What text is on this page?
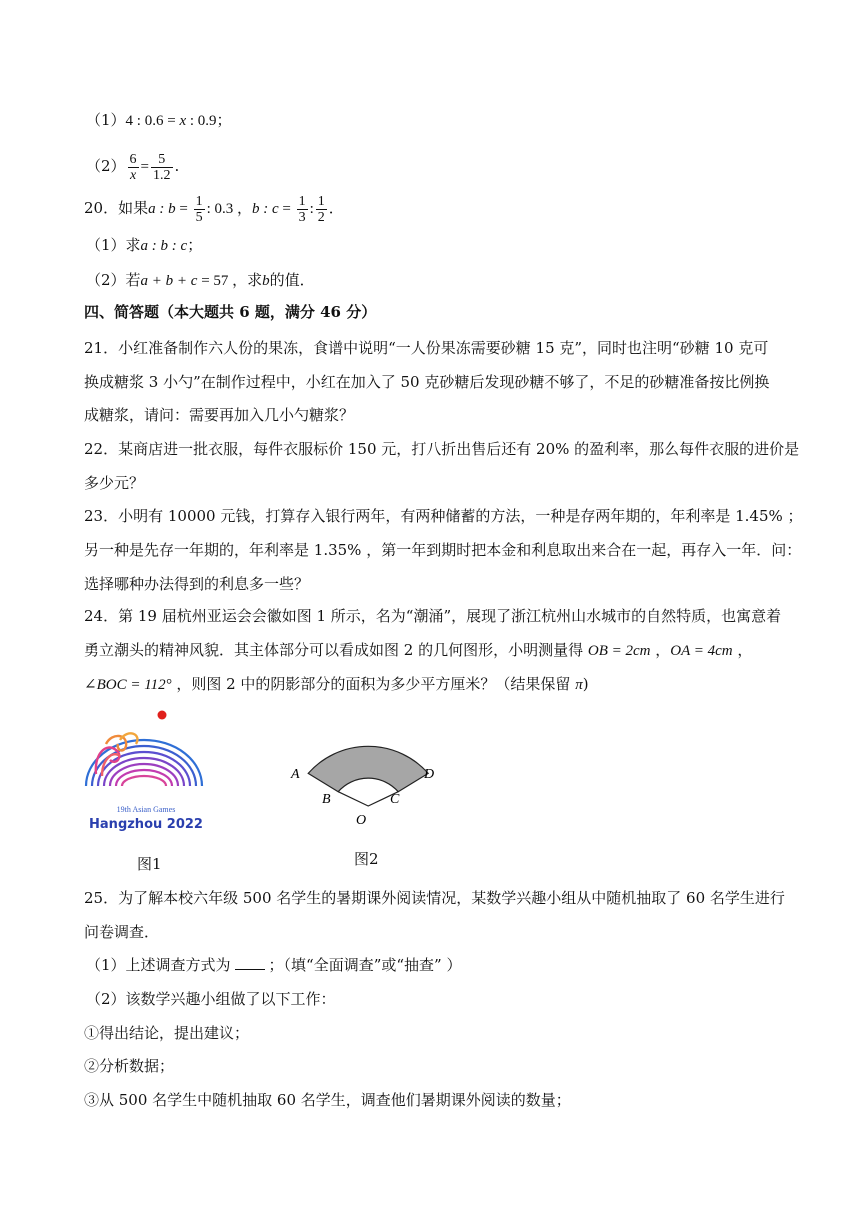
（1）4 : 0.6 = x : 0.9；
$(2) \frac{6}{x} = \frac{5}{1.2}$ .
20．如果a : $b = \frac{1}{5}$ : 0.3 ，b : $c = \frac{1}{3}$ : $\frac{1}{2}$ ．
（1）求a : b : c；
（2）若a + b + c = 57 ，求b的值．
四、简答题（本大题共 6 题，满分 46 分）
21．小红准备制作六人份的果冻，食谱中说明“一人份果冻需要砂糖 15 克”，同时也注明“砂糖 10 克可
换成糖浆 3 小勺”在制作过程中，小红在加入了 50 克砂糖后发现砂糖不够了，不足的砂糖准备按比例换
成糖浆，请问：需要再加入几小勺糖浆？
22．某商店进一批衣服，每件衣服标价 150 元，打八折出售后还有 20% 的盈利率，那么每件衣服的进价是
多少元？
23．小明有 10000 元钱，打算存入银行两年，有两种储蓄的方法，一种是存两年期的，年利率是 1.45% ；
另一种是先存一年期的，年利率是 1.35% ，第一年到期时把本金和利息取出来合在一起，再存入一年．问：
选择哪种办法得到的利息多一些？
24．第 19 届杭州亚运会会徽如图 1 所示，名为“潮涌”，展现了浙江杭州山水城市的自然特质，也寓意着
勇立潮头的精神风貌．其主体部分可以看成如图 2 的几何图形，小明测量得 OB = 2cm ，OA = 4cm ，
∠BOC = 112° ，则图 2 中的阴影部分的面积为多少平方厘米？（结果保留 π)
19th Asian Games
Hangzhou 2022
图1
A
B
O
C
D
图2
25．为了解本校六年级 500 名学生的暑期课外阅读情况，某数学兴趣小组从中随机抽取了 60 名学生进行
问卷调查．
（1）上述调查方式为	；（填“全面调查”或“抽查” ）
（2）该数学兴趣小组做了以下工作：
①得出结论，提出建议；
②分析数据；
③从 500 名学生中随机抽取 60 名学生，调查他们暑期课外阅读的数量；
